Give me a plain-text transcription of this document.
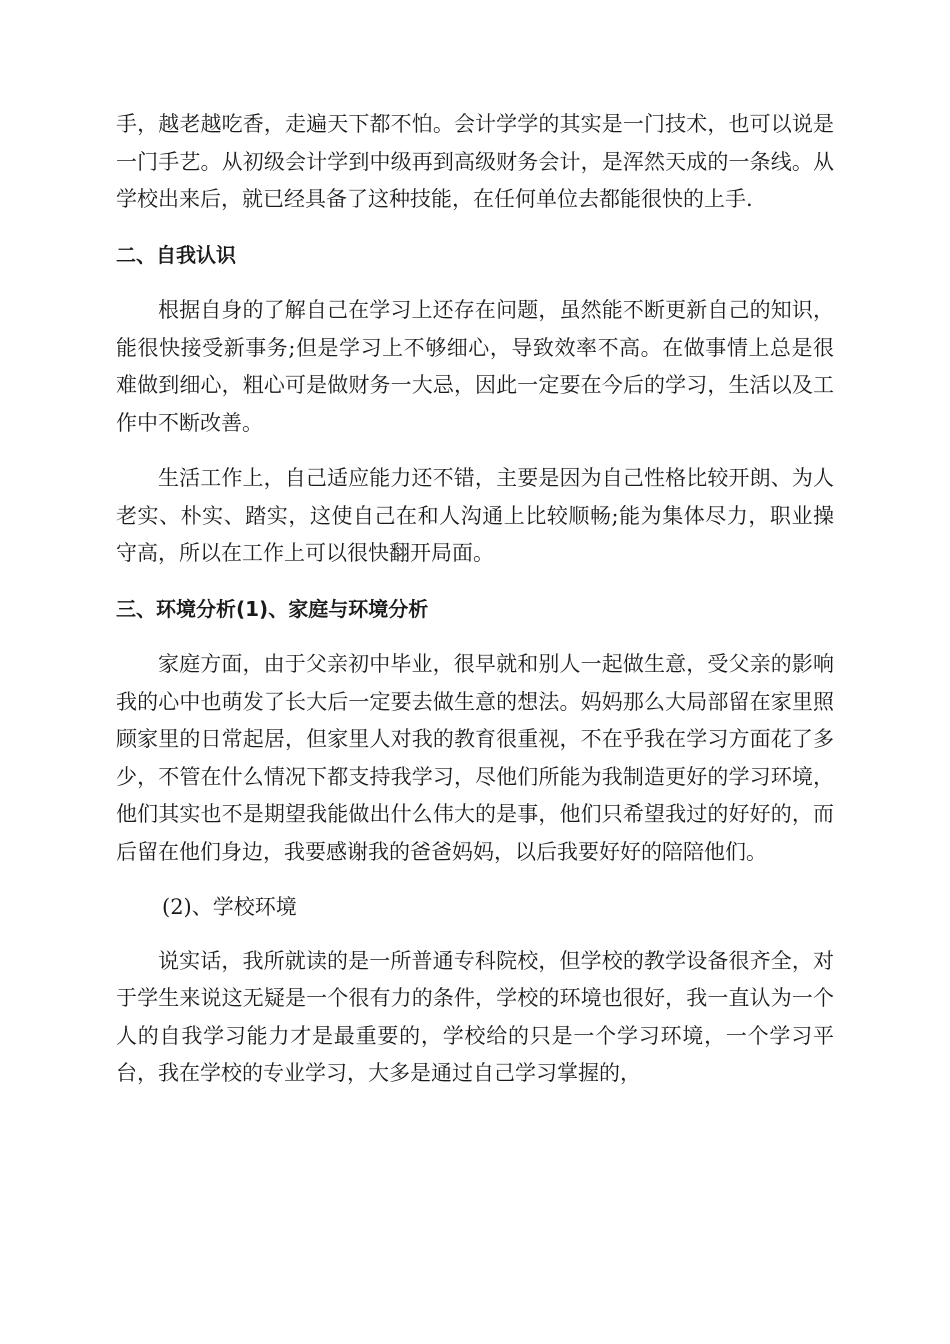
手，越老越吃香，走遍天下都不怕。会计学学的其实是一门技术，也可以说是一门手艺。从初级会计学到中级再到高级财务会计，是浑然天成的一条线。从学校出来后，就已经具备了这种技能，在任何单位去都能很快的上手.

二、自我认识

根据自身的了解自己在学习上还存在问题，虽然能不断更新自己的知识，能很快接受新事务;但是学习上不够细心，导致效率不高。在做事情上总是很难做到细心，粗心可是做财务一大忌，因此一定要在今后的学习，生活以及工作中不断改善。

生活工作上，自己适应能力还不错，主要是因为自己性格比较开朗、为人老实、朴实、踏实，这使自己在和人沟通上比较顺畅;能为集体尽力，职业操守高，所以在工作上可以很快翻开局面。

三、环境分析(1)、家庭与环境分析

家庭方面，由于父亲初中毕业，很早就和别人一起做生意，受父亲的影响我的心中也萌发了长大后一定要去做生意的想法。妈妈那么大局部留在家里照顾家里的日常起居，但家里人对我的教育很重视，不在乎我在学习方面花了多少，不管在什么情况下都支持我学习，尽他们所能为我制造更好的学习环境，他们其实也不是期望我能做出什么伟大的是事，他们只希望我过的好好的，而后留在他们身边，我要感谢我的爸爸妈妈，以后我要好好的陪陪他们。

(2)、学校环境

说实话，我所就读的是一所普通专科院校，但学校的教学设备很齐全，对于学生来说这无疑是一个很有力的条件，学校的环境也很好，我一直认为一个人的自我学习能力才是最重要的，学校给的只是一个学习环境，一个学习平台，我在学校的专业学习，大多是通过自己学习掌握的，
